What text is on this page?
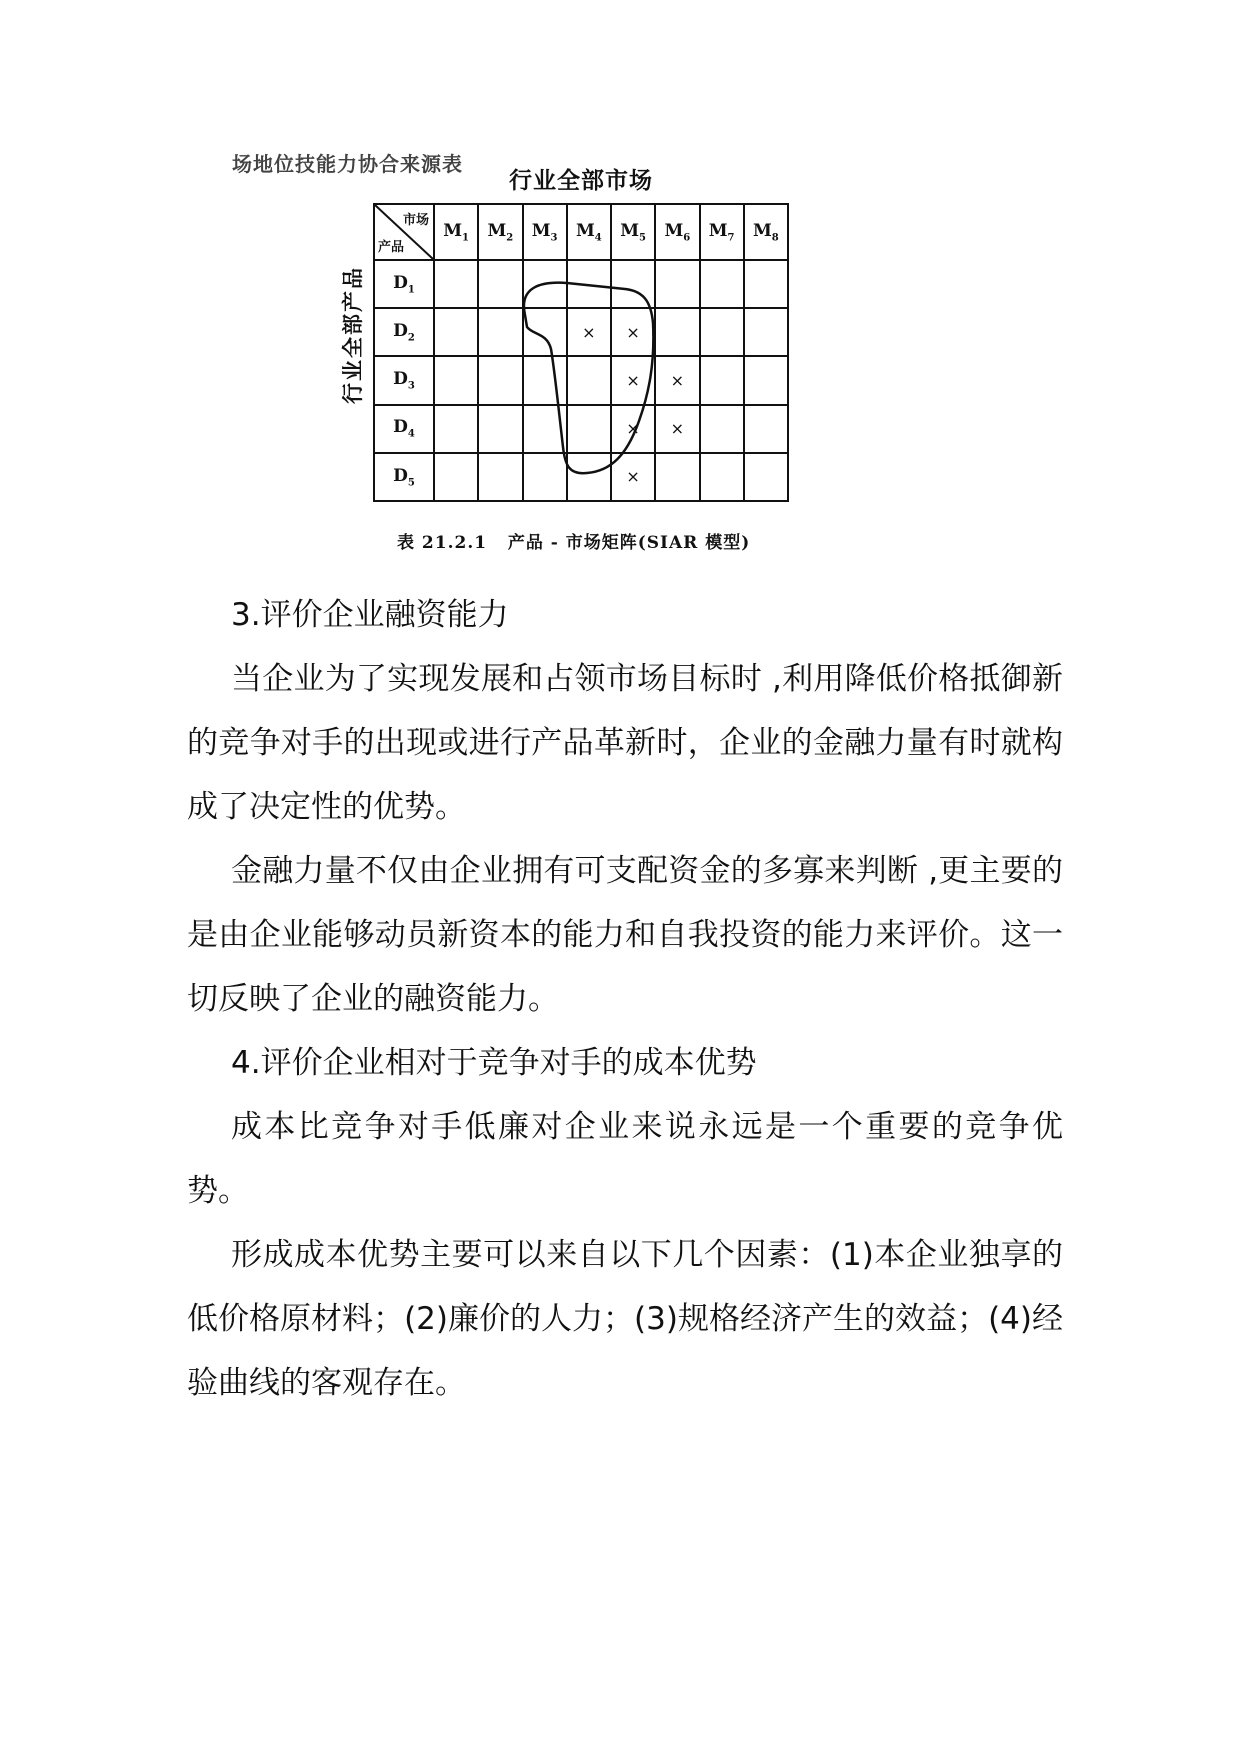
场地位技能力协合来源表
行业全部市场
行业全部产品
市场
产品	$M_1$	$M_2$	$M_3$	$M_4$	$M_5$	$M_6$	$M_7$	$M_8$
$D_1$								
$D_2$				×	×			
$D_3$					×	×		
$D_4$					×	×		
$D_5$					×			
表 21.2.1   产品 - 市场矩阵(SIAR 模型)

3.评价企业融资能力

当企业为了实现发展和占领市场目标时 ,利用降低价格抵御新的竞争对手的出现或进行产品革新时，企业的金融力量有时就构成了决定性的优势。

金融力量不仅由企业拥有可支配资金的多寡来判断 ,更主要的是由企业能够动员新资本的能力和自我投资的能力来评价。这一切反映了企业的融资能力。

4.评价企业相对于竞争对手的成本优势

成本比竞争对手低廉对企业来说永远是一个重要的竞争优势。

形成成本优势主要可以来自以下几个因素：(1)本企业独享的低价格原材料；(2)廉价的人力；(3)规格经济产生的效益；(4)经验曲线的客观存在。
